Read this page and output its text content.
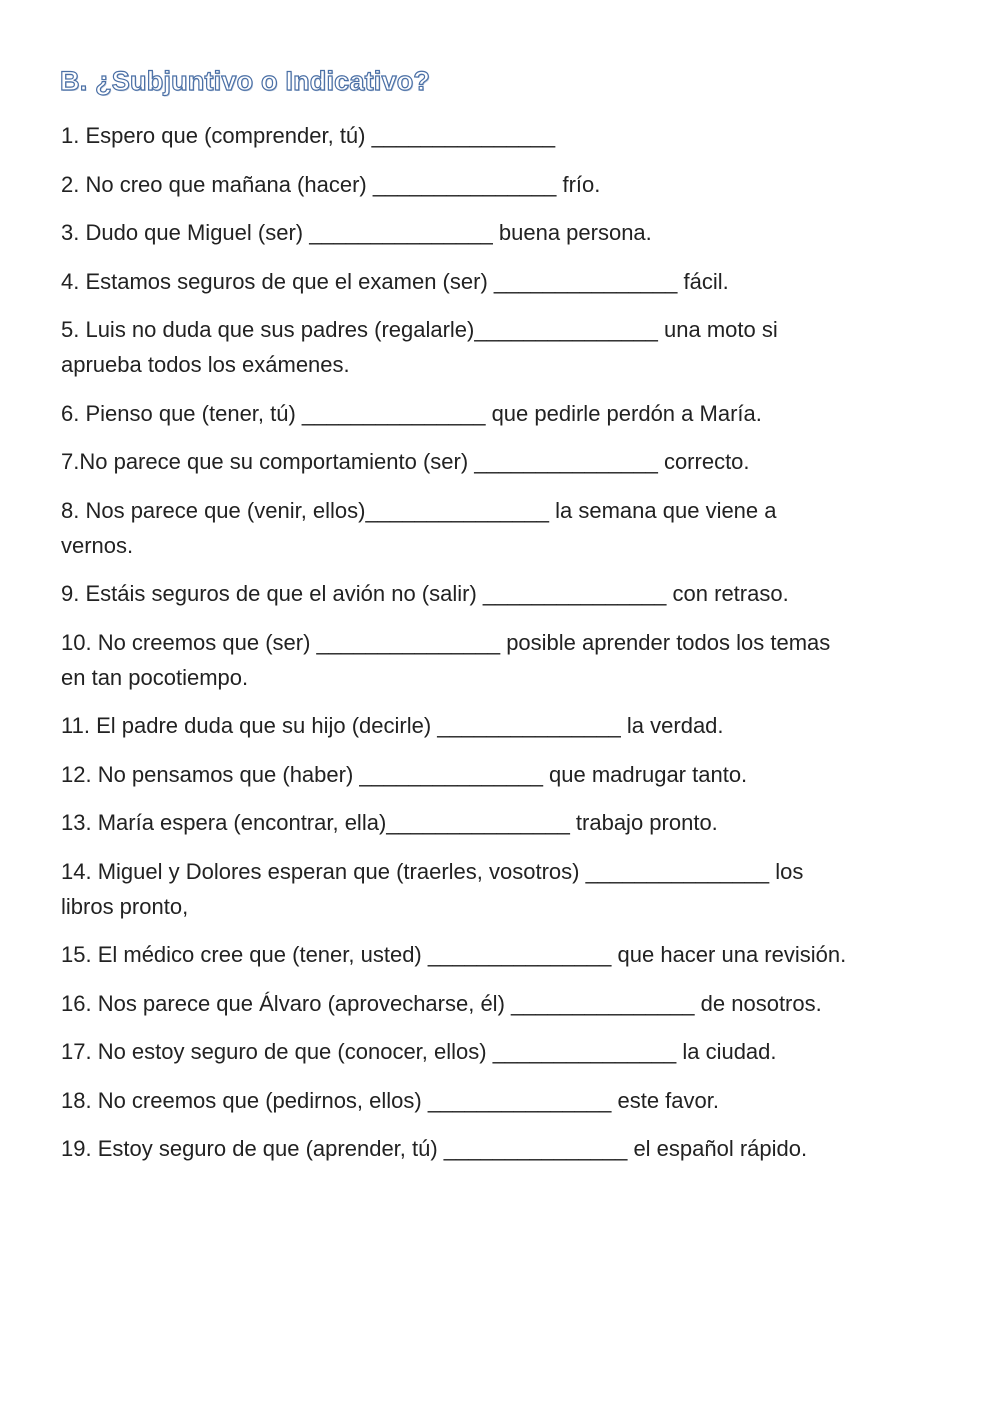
B. ¿Subjuntivo o Indicativo?
1. Espero que (comprender, tú) _______________
2. No creo que mañana (hacer) _______________ frío.
3. Dudo que Miguel (ser) _______________ buena persona.
4. Estamos seguros de que el examen (ser) _______________ fácil.
5. Luis no duda que sus padres (regalarle)_______________ una moto si
aprueba todos los exámenes.
6. Pienso que (tener, tú) _______________ que pedirle perdón a María.
7.No parece que su comportamiento (ser) _______________ correcto.
8. Nos parece que (venir, ellos)_______________ la semana que viene a
vernos.
9. Estáis seguros de que el avión no (salir) _______________ con retraso.
10. No creemos que (ser) _______________ posible aprender todos los temas
en tan pocotiempo.
11. El padre duda que su hijo (decirle) _______________ la verdad.
12. No pensamos que (haber) _______________ que madrugar tanto.
13. María espera (encontrar, ella)_______________ trabajo pronto.
14. Miguel y Dolores esperan que (traerles, vosotros) _______________ los
libros pronto,
15. El médico cree que (tener, usted) _______________ que hacer una revisión.
16. Nos parece que Álvaro (aprovecharse, él) _______________ de nosotros.
17. No estoy seguro de que (conocer, ellos) _______________ la ciudad.
18. No creemos que (pedirnos, ellos) _______________ este favor.
19. Estoy seguro de que (aprender, tú) _______________ el español rápido.
